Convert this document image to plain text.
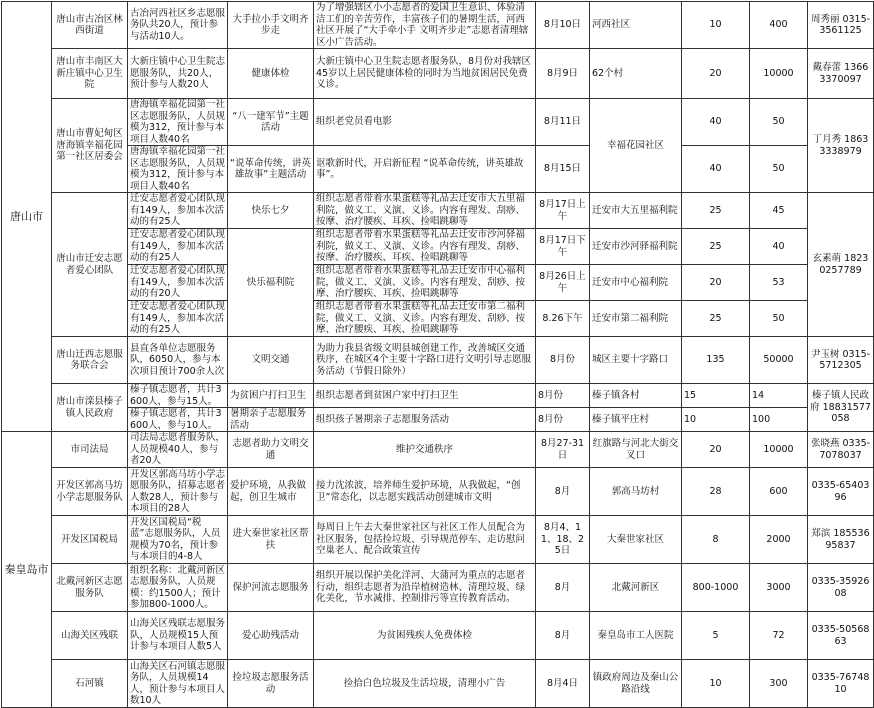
唐山市	唐山市古冶区林西街道	古冶河西社区乡志愿服务队共20人，预计参与活动10人。	大手拉小手文明齐步走	为了增强辖区小小志愿者的爱国卫生意识、体验清洁工们的辛苦劳作，丰富孩子们的暑期生活，河西社区开展了“大手牵小手 文明齐步走”志愿者清理辖区小广告活动。	8月10日	河西社区	10	400	周秀丽 0315-3561125
	唐山市丰南区大新庄镇中心卫生院	大新庄镇中心卫生院志愿服务队，共20人，预计参与人数20人	健康体检	大新庄镇中心卫生院志愿者服务队，8月份对我辖区45岁以上居民健康体检的同时为当地贫困居民免费义诊。	8月9日	62个村	20	10000	戴春蕾 13663370097
	唐山市曹妃甸区唐海镇幸福花园第一社区居委会	唐海镇幸福花园第一社区志愿服务队，人员规模为312，预计参与本项目人数40名	“八一建军节”主题活动	组织老党员看电影	8月11日	幸福花园社区	40	50	丁月秀 18633338979
		唐海镇幸福花园第一社区志愿服务队，人员规模为312，预计参与本项目人数40名	“说革命传统，讲英雄故事”主题活动	讴歌新时代，开启新征程 “说革命传统，讲英雄故事”。	8月15日		40	50	
	唐山市迁安志愿者爱心团队	迁安志愿者爱心团队现有149人，参加本次活动的有25人	快乐七夕	组织志愿者带着水果蛋糕等礼品去迁安市大五里福利院，做义工、义演、义诊。内容有理发、刮痧、按摩、治疗腰疾、耳疾、捡唱跳聊等	8月17日上午	迁安市大五里福利院	25	45	玄素萌 18230257789
		迁安志愿者爱心团队现有149人，参加本次活动的有25人	快乐福利院	组织志愿者带着水果蛋糕等礼品去迁安市沙河驿福利院，做义工、义演、义诊。内容有理发、刮痧、按摩、治疗腰疾、耳疾、捡唱跳聊等	8月17日下午	迁安市沙河驿福利院	25	40	
		迁安志愿者爱心团队现有149人，参加本次活动的有20人		组织志愿者带着水果蛋糕等礼品去迁安市中心福利院，做义工、义演、义诊。内容有理发、刮痧、按摩、治疗腰疾、耳疾、捡唱跳聊等	8月26日上午	迁安市中心福利院	20	53	
		迁安志愿者爱心团队现有149人，参加本次活动的有25人		组织志愿者带着水果蛋糕等礼品去迁安市第二福利院，做义工、义演、义诊。内容有理发、刮痧、按摩、治疗腰疾、耳疾、捡唱跳聊等	8.26下午	迁安市第二福利院	25	50	
	唐山迁西志愿服务联合会	县直各单位志愿服务队，6050人，参与本次项目预计700余人次	文明交通	为助力我县省级文明县城创建工作，改善城区交通秩序，在城区4个主要十字路口进行文明引导志愿服务活动（节假日除外）	8月份	城区主要十字路口	135	50000	尹玉树 0315-5712305
	唐山市滦县榛子镇人民政府	榛子镇志愿者，共计3600人，参与15人。	为贫困户打扫卫生	组织志愿者到贫困户家中打扫卫生	8月份	榛子镇各村	15	14	榛子镇人民政府 18831577058
		榛子镇志愿者，共计3600人，参与10人。	暑期亲子志愿服务活动	组织孩子暑期亲子志愿服务活动	8月份	榛子镇平庄村	10	100	
秦皇岛市	市司法局	司法局志愿者服务队，人员规模40人，参与者20人	志愿者助力文明交通	维护交通秩序	8月27-31日	红旗路与河北大街交叉口	20	10000	张晓燕 0335-7078037
	开发区郭高马坊小学志愿服务队	开发区郭高马坊小学志愿服务队，招募志愿者人数28人，预计参与本项目的28人	爱护环境，从我做起，创卫生城市	接力沈浓波，培养师生爱护环境，从我做起，“创卫”常态化，以志愿实践活动创建城市文明	8月	郭高马坊村	28	600	0335-6540396
	开发区国税局	开发区国税局“税蓝”志愿服务队，人员规模为70名，预计参与本项目的4-8人	进大秦世家社区帮扶	每周日上午去大秦世家社区与社区工作人员配合为社区服务，包括捡垃圾、引导规范停车、走访慰问空巢老人、配合政策宣传	8月4、11、18、25日	大秦世家社区	8	2000	郑滨 18553695837
	北戴河新区志愿服务队	组织名称：北戴河新区志愿服务队，人员规模：约1500人；预计参加800-1000人。	保护河流志愿服务	组织开展以保护美化洋河、大蒲河为重点的志愿者行动，组织志愿者为沿岸植树造林、清理垃圾、绿化美化，节水减排、控制排污等宣传教育活动。	8月	北戴河新区	800-1000	3000	0335-3592608
	山海关区残联	山海关区残联志愿服务队，人员规模15人预计参与本项目人数5人	爱心助残活动	为贫困残疾人免费体检	8月	秦皇岛市工人医院	5	72	0335-5056863
	石河镇	山海关区石河镇志愿服务队，人员规模14人，预计参与本项目人数10人	捡垃圾志愿服务活动	捡拾白色垃圾及生活垃圾，清理小广告	8月4日	镇政府周边及秦山公路沿线	10	300	0335-7674810
